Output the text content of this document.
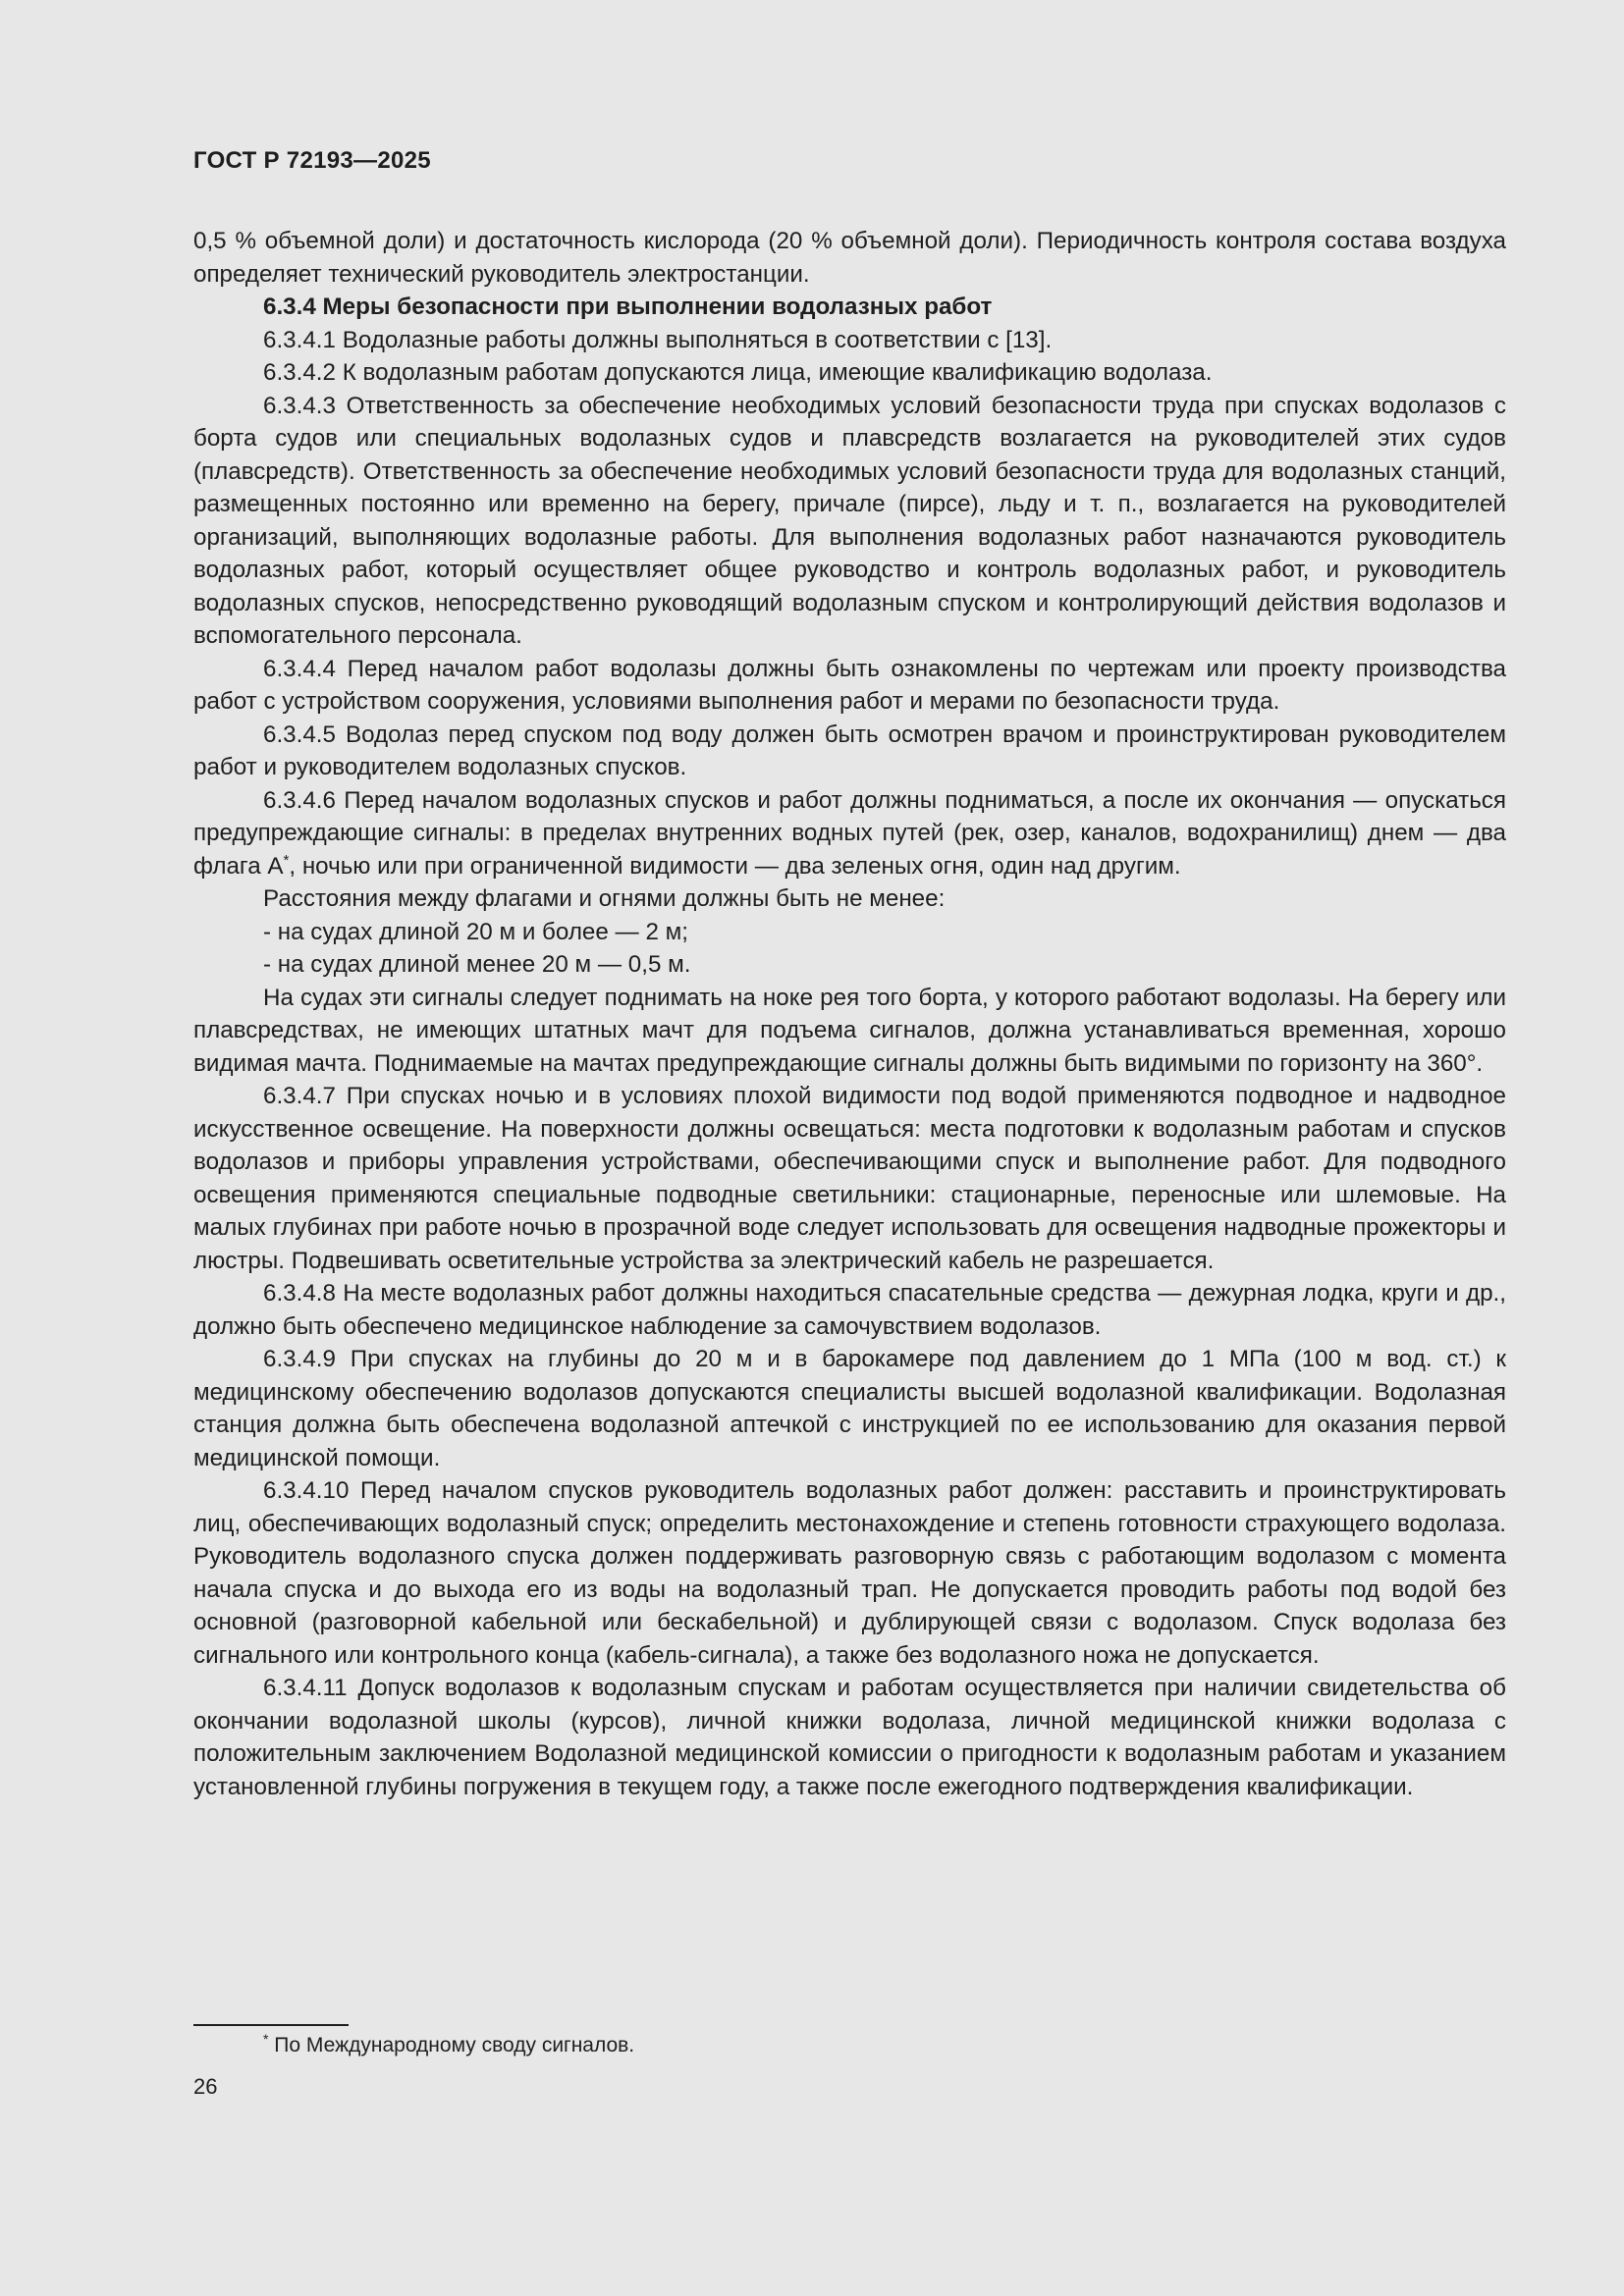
ГОСТ Р 72193—2025

0,5 % объемной доли) и достаточность кислорода (20 % объемной доли). Периодичность контроля состава воздуха определяет технический руководитель электростанции.

6.3.4 Меры безопасности при выполнении водолазных работ

6.3.4.1 Водолазные работы должны выполняться в соответствии с [13].

6.3.4.2 К водолазным работам допускаются лица, имеющие квалификацию водолаза.

6.3.4.3 Ответственность за обеспечение необходимых условий безопасности труда при спусках водолазов с борта судов или специальных водолазных судов и плавсредств возлагается на руководителей этих судов (плавсредств). Ответственность за обеспечение необходимых условий безопасности труда для водолазных станций, размещенных постоянно или временно на берегу, причале (пирсе), льду и т. п., возлагается на руководителей организаций, выполняющих водолазные работы. Для выполнения водолазных работ назначаются руководитель водолазных работ, который осуществляет общее руководство и контроль водолазных работ, и руководитель водолазных спусков, непосредственно руководящий водолазным спуском и контролирующий действия водолазов и вспомогательного персонала.

6.3.4.4 Перед началом работ водолазы должны быть ознакомлены по чертежам или проекту производства работ с устройством сооружения, условиями выполнения работ и мерами по безопасности труда.

6.3.4.5 Водолаз перед спуском под воду должен быть осмотрен врачом и проинструктирован руководителем работ и руководителем водолазных спусков.

6.3.4.6 Перед началом водолазных спусков и работ должны подниматься, а после их окончания — опускаться предупреждающие сигналы: в пределах внутренних водных путей (рек, озер, каналов, водохранилищ) днем — два флага А*, ночью или при ограниченной видимости — два зеленых огня, один над другим.

Расстояния между флагами и огнями должны быть не менее:

- на судах длиной 20 м и более — 2 м;

- на судах длиной менее 20 м — 0,5 м.

На судах эти сигналы следует поднимать на ноке рея того борта, у которого работают водолазы. На берегу или плавсредствах, не имеющих штатных мачт для подъема сигналов, должна устанавливаться временная, хорошо видимая мачта. Поднимаемые на мачтах предупреждающие сигналы должны быть видимыми по горизонту на 360°.

6.3.4.7 При спусках ночью и в условиях плохой видимости под водой применяются подводное и надводное искусственное освещение. На поверхности должны освещаться: места подготовки к водолазным работам и спусков водолазов и приборы управления устройствами, обеспечивающими спуск и выполнение работ. Для подводного освещения применяются специальные подводные светильники: стационарные, переносные или шлемовые. На малых глубинах при работе ночью в прозрачной воде следует использовать для освещения надводные прожекторы и люстры. Подвешивать осветительные устройства за электрический кабель не разрешается.

6.3.4.8 На месте водолазных работ должны находиться спасательные средства — дежурная лодка, круги и др., должно быть обеспечено медицинское наблюдение за самочувствием водолазов.

6.3.4.9 При спусках на глубины до 20 м и в барокамере под давлением до 1 МПа (100 м вод. ст.) к медицинскому обеспечению водолазов допускаются специалисты высшей водолазной квалификации. Водолазная станция должна быть обеспечена водолазной аптечкой с инструкцией по ее использованию для оказания первой медицинской помощи.

6.3.4.10 Перед началом спусков руководитель водолазных работ должен: расставить и проинструктировать лиц, обеспечивающих водолазный спуск; определить местонахождение и степень готовности страхующего водолаза. Руководитель водолазного спуска должен поддерживать разговорную связь с работающим водолазом с момента начала спуска и до выхода его из воды на водолазный трап. Не допускается проводить работы под водой без основной (разговорной кабельной или бескабельной) и дублирующей связи с водолазом. Спуск водолаза без сигнального или контрольного конца (кабель-сигнала), а также без водолазного ножа не допускается.

6.3.4.11 Допуск водолазов к водолазным спускам и работам осуществляется при наличии свидетельства об окончании водолазной школы (курсов), личной книжки водолаза, личной медицинской книжки водолаза с положительным заключением Водолазной медицинской комиссии о пригодности к водолазным работам и указанием установленной глубины погружения в текущем году, а также после ежегодного подтверждения квалификации.

* По Международному своду сигналов.
26
